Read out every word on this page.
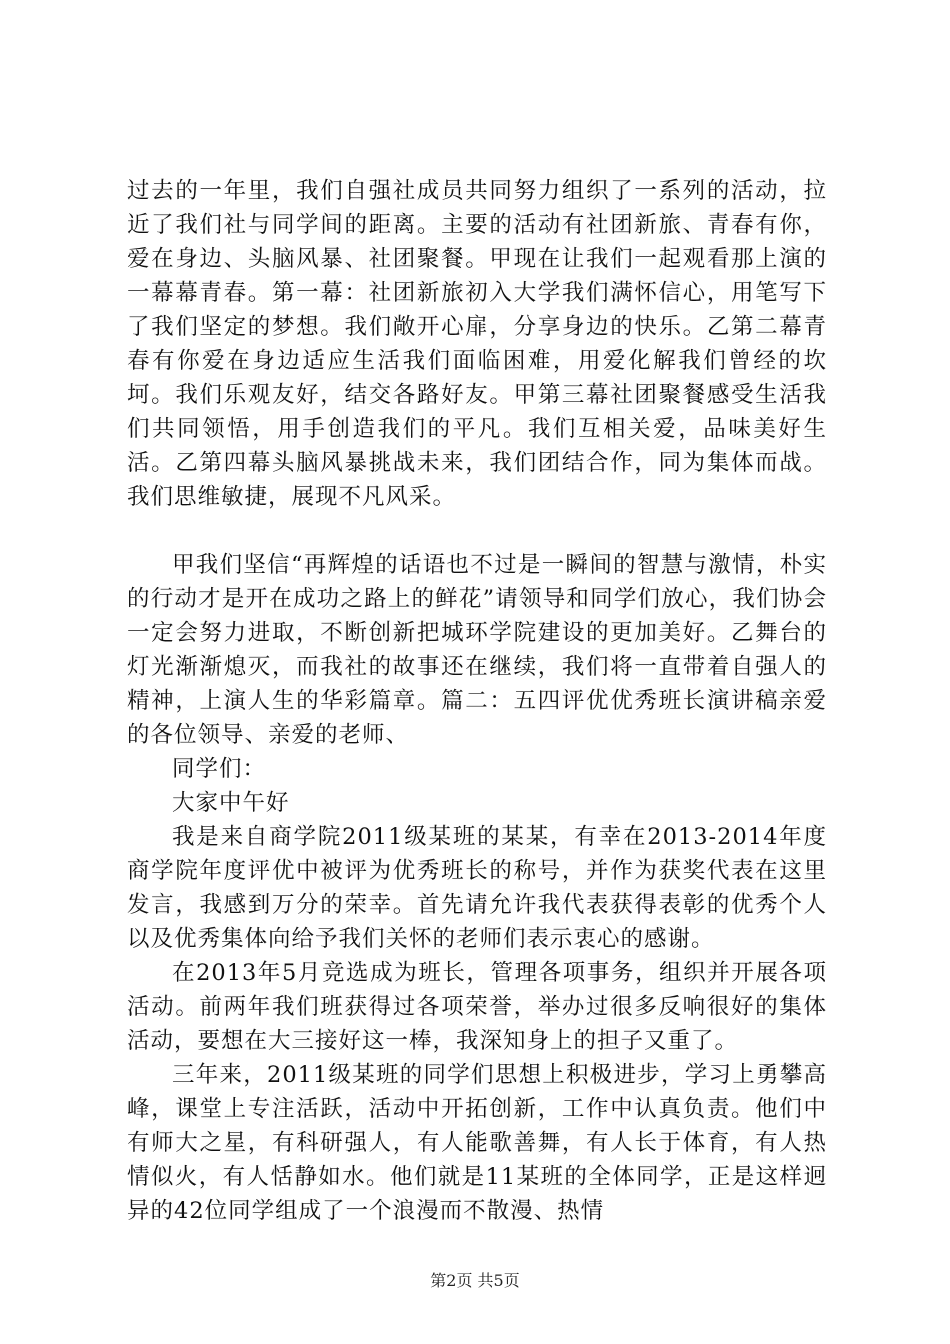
过去的一年里，我们自强社成员共同努力组织了一系列的活动，拉近了我们社与同学间的距离。主要的活动有社团新旅、青春有你，爱在身边、头脑风暴、社团聚餐。甲现在让我们一起观看那上演的一幕幕青春。第一幕：社团新旅初入大学我们满怀信心，用笔写下了我们坚定的梦想。我们敞开心扉，分享身边的快乐。乙第二幕青春有你爱在身边适应生活我们面临困难，用爱化解我们曾经的坎坷。我们乐观友好，结交各路好友。甲第三幕社团聚餐感受生活我们共同领悟，用手创造我们的平凡。我们互相关爱，品味美好生活。乙第四幕头脑风暴挑战未来，我们团结合作，同为集体而战。我们思维敏捷，展现不凡风采。

甲我们坚信“再辉煌的话语也不过是一瞬间的智慧与激情，朴实的行动才是开在成功之路上的鲜花”请领导和同学们放心，我们协会一定会努力进取，不断创新把城环学院建设的更加美好。乙舞台的灯光渐渐熄灭，而我社的故事还在继续，我们将一直带着自强人的精神，上演人生的华彩篇章。篇二：五四评优优秀班长演讲稿亲爱的各位领导、亲爱的老师、

同学们：

大家中午好

我是来自商学院2011级某班的某某，有幸在2013-2014年度商学院年度评优中被评为优秀班长的称号，并作为获奖代表在这里发言，我感到万分的荣幸。首先请允许我代表获得表彰的优秀个人以及优秀集体向给予我们关怀的老师们表示衷心的感谢。

在2013年5月竞选成为班长，管理各项事务，组织并开展各项活动。前两年我们班获得过各项荣誉，举办过很多反响很好的集体活动，要想在大三接好这一棒，我深知身上的担子又重了。

三年来，2011级某班的同学们思想上积极进步，学习上勇攀高峰，课堂上专注活跃，活动中开拓创新，工作中认真负责。他们中有师大之星，有科研强人，有人能歌善舞，有人长于体育，有人热情似火，有人恬静如水。他们就是11某班的全体同学，正是这样迥异的42位同学组成了一个浪漫而不散漫、热情

第2页 共5页
